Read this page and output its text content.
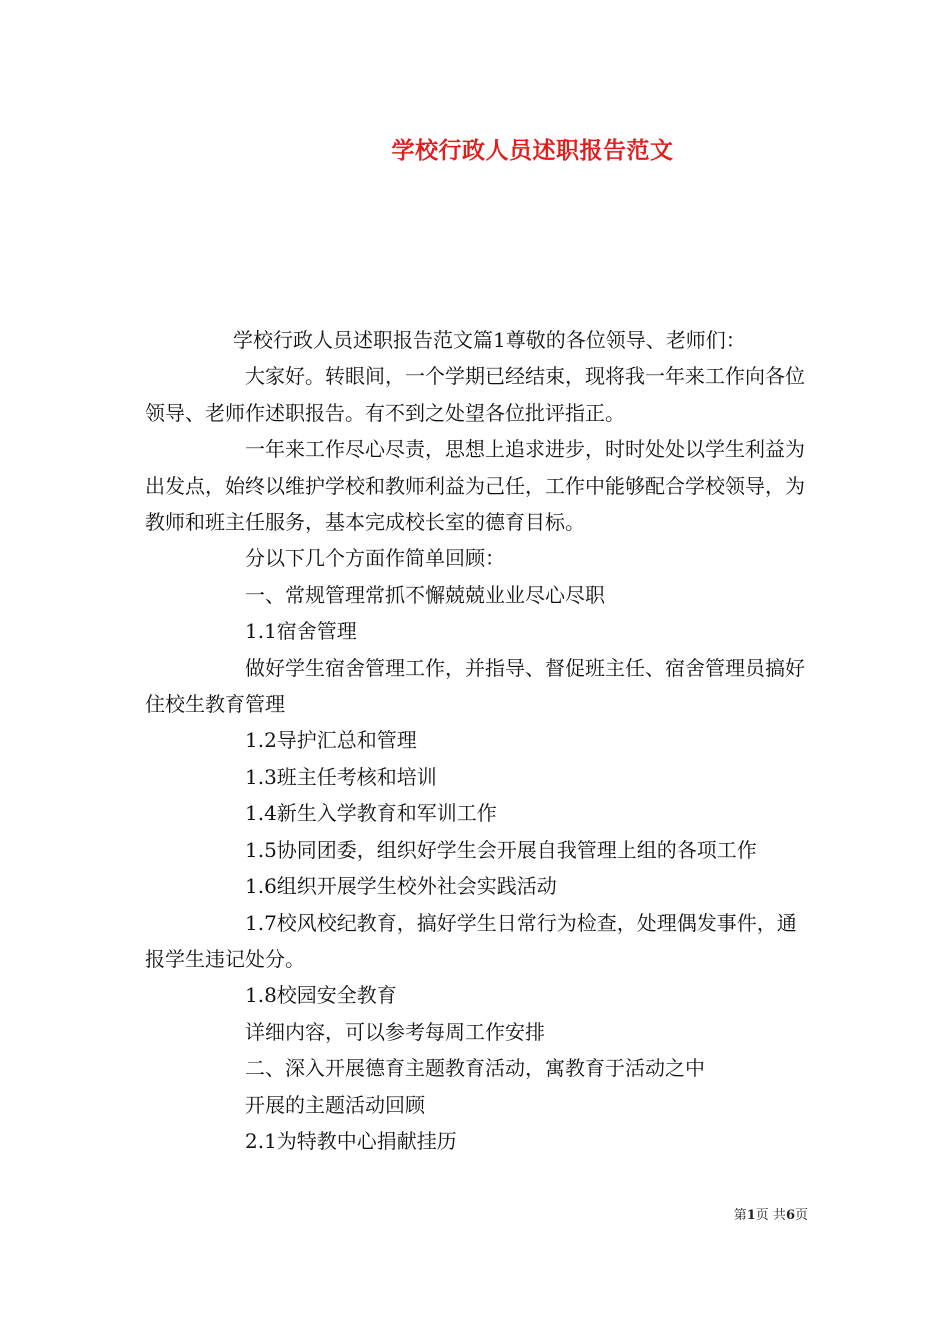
学校行政人员述职报告范文

学校行政人员述职报告范文篇1尊敬的各位领导、老师们：

大家好。转眼间，一个学期已经结束，现将我一年来工作向各位领导、老师作述职报告。有不到之处望各位批评指正。

一年来工作尽心尽责，思想上追求进步，时时处处以学生利益为出发点，始终以维护学校和教师利益为己任，工作中能够配合学校领导，为教师和班主任服务，基本完成校长室的德育目标。

分以下几个方面作简单回顾：

一、常规管理常抓不懈兢兢业业尽心尽职

1.1宿舍管理

做好学生宿舍管理工作，并指导、督促班主任、宿舍管理员搞好住校生教育管理

1.2导护汇总和管理

1.3班主任考核和培训

1.4新生入学教育和军训工作

1.5协同团委，组织好学生会开展自我管理上组的各项工作

1.6组织开展学生校外社会实践活动

1.7校风校纪教育，搞好学生日常行为检查，处理偶发事件，通报学生违记处分。

1.8校园安全教育

详细内容，可以参考每周工作安排

二、深入开展德育主题教育活动，寓教育于活动之中

开展的主题活动回顾

2.1为特教中心捐献挂历

第1页 共6页
